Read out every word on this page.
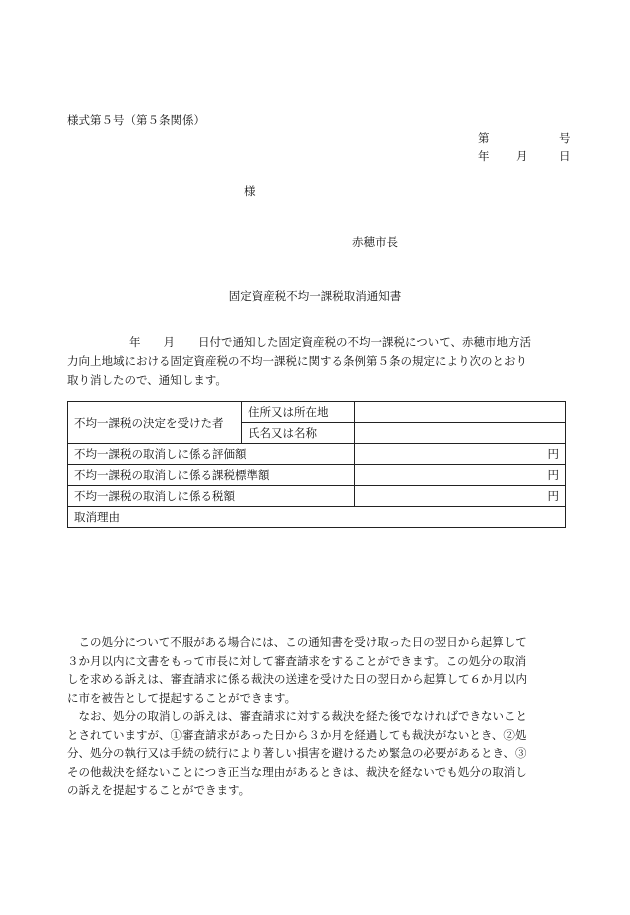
様式第５号（第５条関係）
第	号
年 月	日
様
赤穂市長
固定資産税不均一課税取消通知書
年　　月　　日付で通知した固定資産税の不均一課税について、赤穂市地方活
力向上地域における固定資産税の不均一課税に関する条例第５条の規定により次のとおり
取り消したので、通知します。
不均一課税の決定を受けた者	住所又は所在地	
	氏名又は名称	
不均一課税の取消しに係る評価額		円
不均一課税の取消しに係る課税標準額		円
不均一課税の取消しに係る税額		円
取消理由		
　この処分について不服がある場合には、この通知書を受け取った日の翌日から起算して
３か月以内に文書をもって市長に対して審査請求をすることができます。この処分の取消
しを求める訴えは、審査請求に係る裁決の送達を受けた日の翌日から起算して６か月以内
に市を被告として提起することができます。
　なお、処分の取消しの訴えは、審査請求に対する裁決を経た後でなければできないこと
とされていますが、①審査請求があった日から３か月を経過しても裁決がないとき、②処
分、処分の執行又は手続の続行により著しい損害を避けるため緊急の必要があるとき、③
その他裁決を経ないことにつき正当な理由があるときは、裁決を経ないでも処分の取消し
の訴えを提起することができます。
